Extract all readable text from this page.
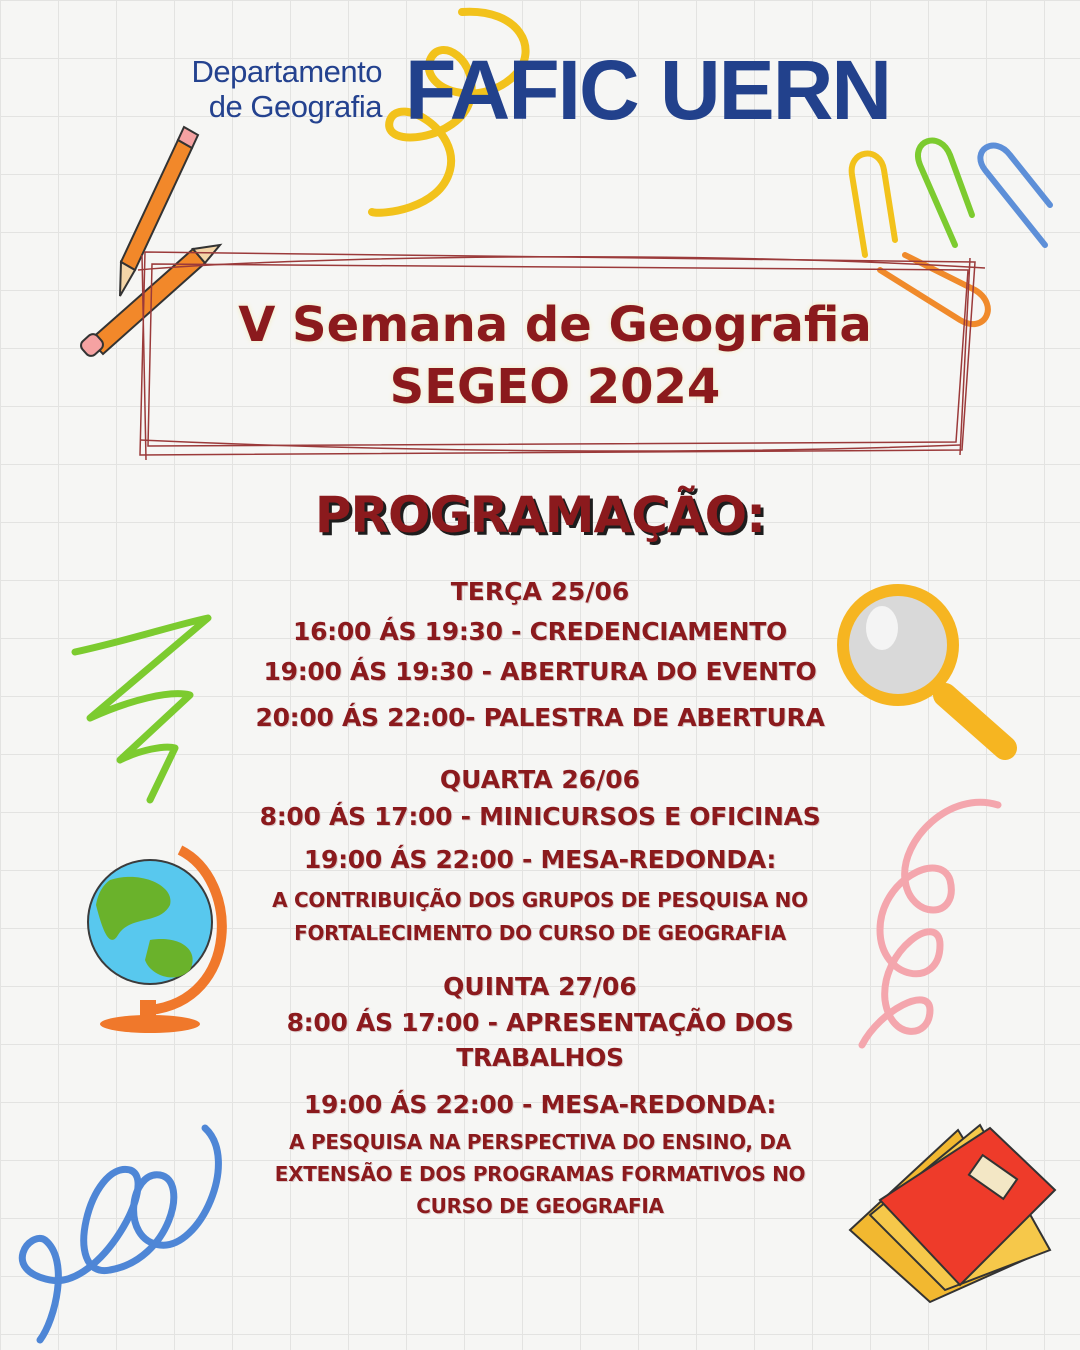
Departamento
de Geografia FAFIC UERN
V Semana de Geografia
SEGEO 2024
PROGRAMAÇÃO:
TERÇA 25/06
16:00 ÁS 19:30 - CREDENCIAMENTO
19:00 ÁS 19:30 - ABERTURA DO EVENTO
20:00 ÁS 22:00- PALESTRA DE ABERTURA
QUARTA 26/06
8:00 ÁS 17:00 - MINICURSOS E OFICINAS
19:00 ÁS 22:00 - MESA-REDONDA:
A CONTRIBUIÇÃO DOS GRUPOS DE PESQUISA NO
FORTALECIMENTO DO CURSO DE GEOGRAFIA
QUINTA 27/06
8:00 ÁS 17:00 - APRESENTAÇÃO DOS
TRABALHOS
19:00 ÁS 22:00 - MESA-REDONDA:
A PESQUISA NA PERSPECTIVA DO ENSINO, DA
EXTENSÃO E DOS PROGRAMAS FORMATIVOS NO
CURSO DE GEOGRAFIA
